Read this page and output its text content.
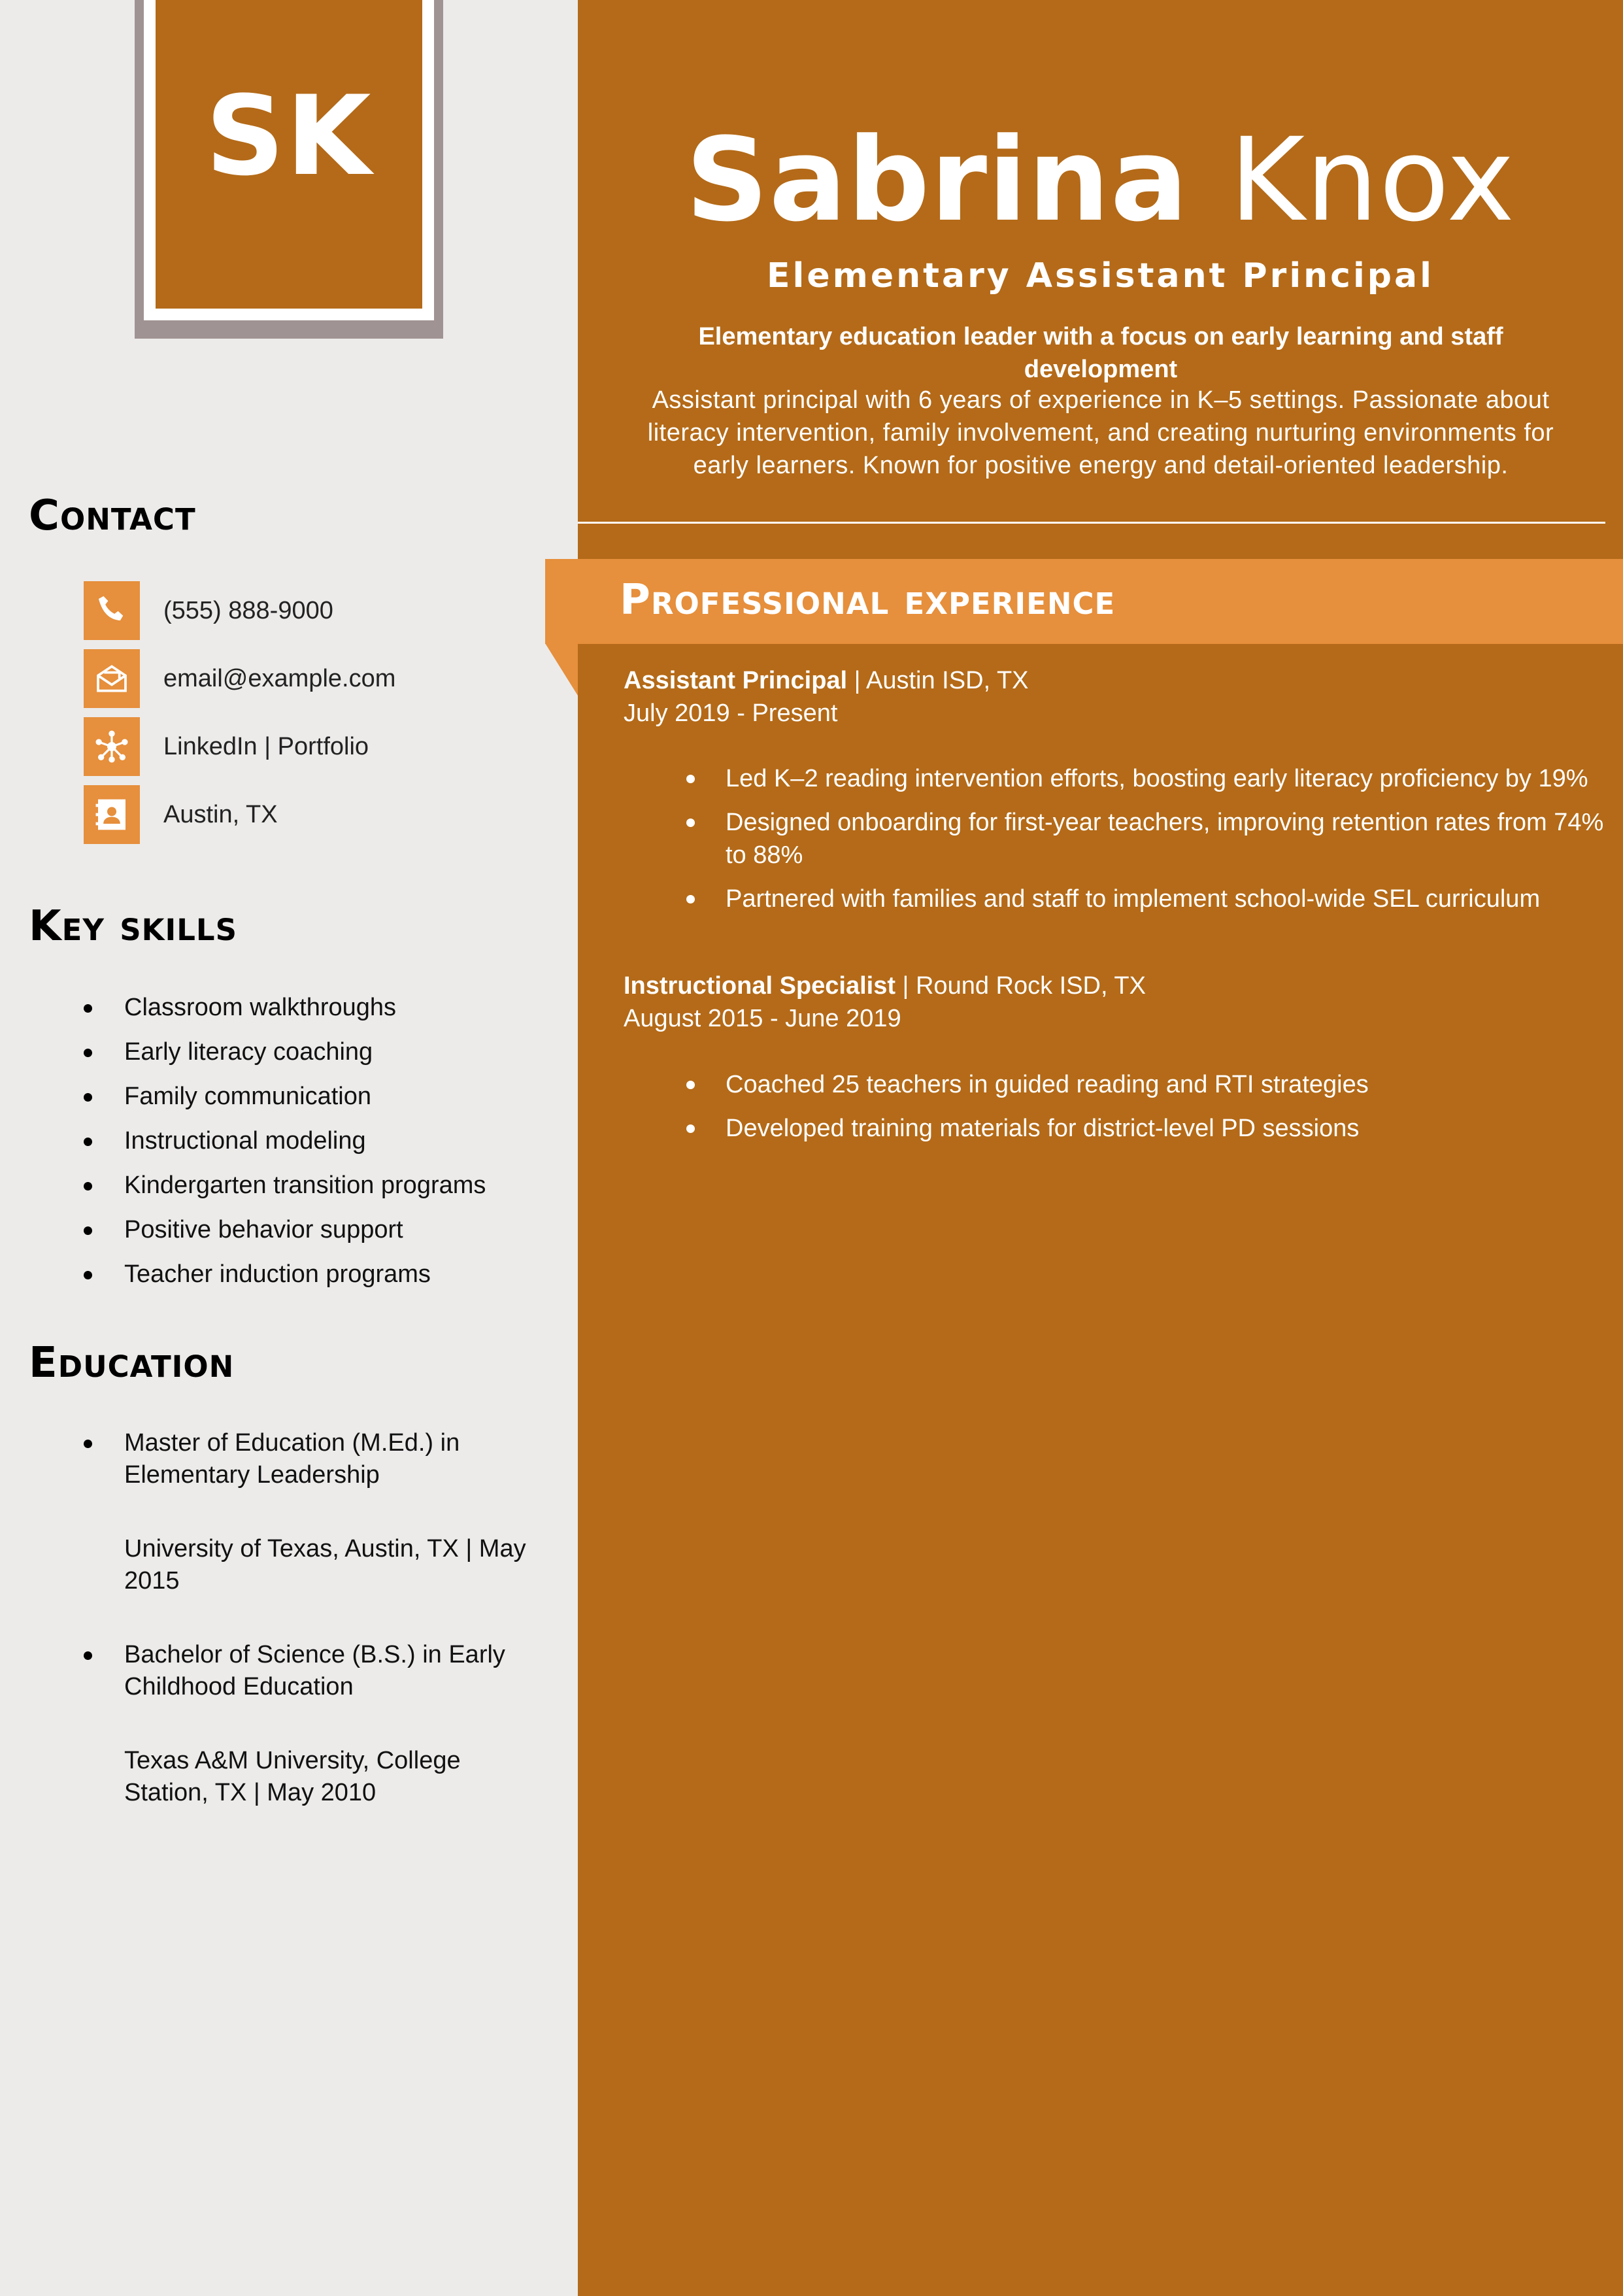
SK
Contact
(555) 888-9000
email@example.com
LinkedIn | Portfolio
Austin, TX
Key skills
Classroom walkthroughs
Early literacy coaching
Family communication
Instructional modeling
Kindergarten transition programs
Positive behavior support
Teacher induction programs
Education
Master of Education (M.Ed.) in Elementary Leadership
University of Texas, Austin, TX | May 2015
Bachelor of Science (B.S.) in Early Childhood Education
Texas A&M University, College Station, TX | May 2010
Sabrina Knox

Elementary Assistant Principal

Elementary education leader with a focus on early learning and staff development

Assistant principal with 6 years of experience in K–5 settings. Passionate about literacy intervention, family involvement, and creating nurturing environments for early learners. Known for positive energy and detail-oriented leadership.

Professional experience

Assistant Principal | Austin ISD, TX
July 2019 - Present

Led K–2 reading intervention efforts, boosting early literacy proficiency by 19%
Designed onboarding for first-year teachers, improving retention rates from 74% to 88%
Partnered with families and staff to implement school-wide SEL curriculum

Instructional Specialist | Round Rock ISD, TX
August 2015 - June 2019

Coached 25 teachers in guided reading and RTI strategies
Developed training materials for district-level PD sessions
